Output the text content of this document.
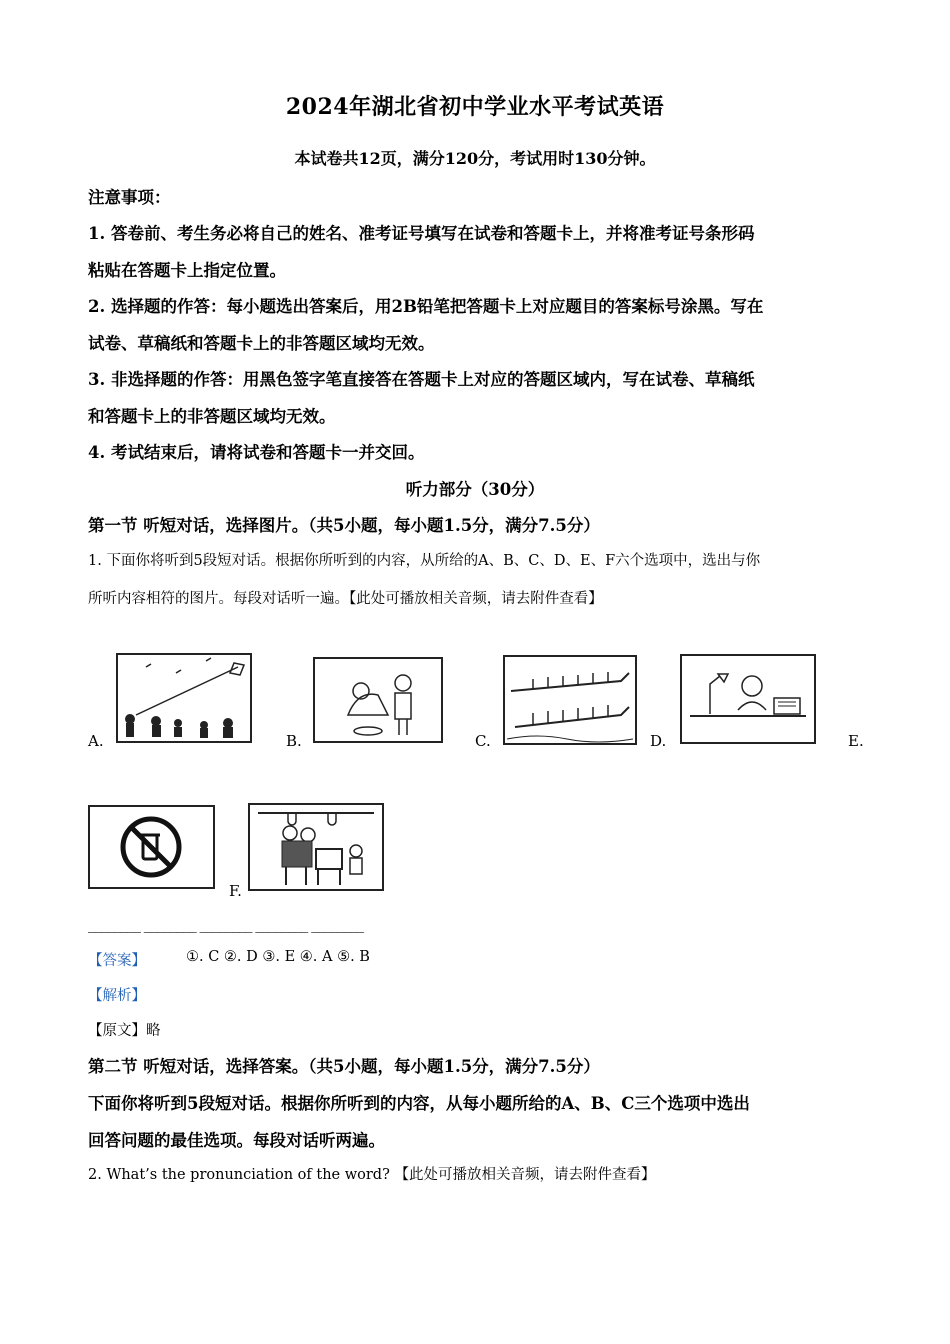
2024年湖北省初中学业水平考试英语
本试卷共12页，满分120分，考试用时130分钟。
注意事项：
1. 答卷前、考生务必将自己的姓名、准考证号填写在试卷和答题卡上，并将准考证号条形码
粘贴在答题卡上指定位置。
2. 选择题的作答：每小题选出答案后，用2B铅笔把答题卡上对应题目的答案标号涂黑。写在
试卷、草稿纸和答题卡上的非答题区域均无效。
3. 非选择题的作答：用黑色签字笔直接答在答题卡上对应的答题区域内，写在试卷、草稿纸
和答题卡上的非答题区域均无效。
4. 考试结束后，请将试卷和答题卡一并交回。
听力部分（30分）
第一节 听短对话，选择图片。（共5小题，每小题1.5分，满分7.5分）
1. 下面你将听到5段短对话。根据你所听到的内容，从所给的A、B、C、D、E、F六个选项中，选出与你
所听内容相符的图片。每段对话听一遍。【此处可播放相关音频，请去附件查看】
A.	B.	C.	D.	E.
F.
________ ________ ________ ________ ________
【答案】	①. C ②. D ③. E ④. A ⑤. B
【解析】
【原文】略
第二节 听短对话，选择答案。（共5小题，每小题1.5分，满分7.5分）
下面你将听到5段短对话。根据你所听到的内容，从每小题所给的A、B、C三个选项中选出
回答问题的最佳选项。每段对话听两遍。
2. What’s the pronunciation of the word? 【此处可播放相关音频，请去附件查看】
